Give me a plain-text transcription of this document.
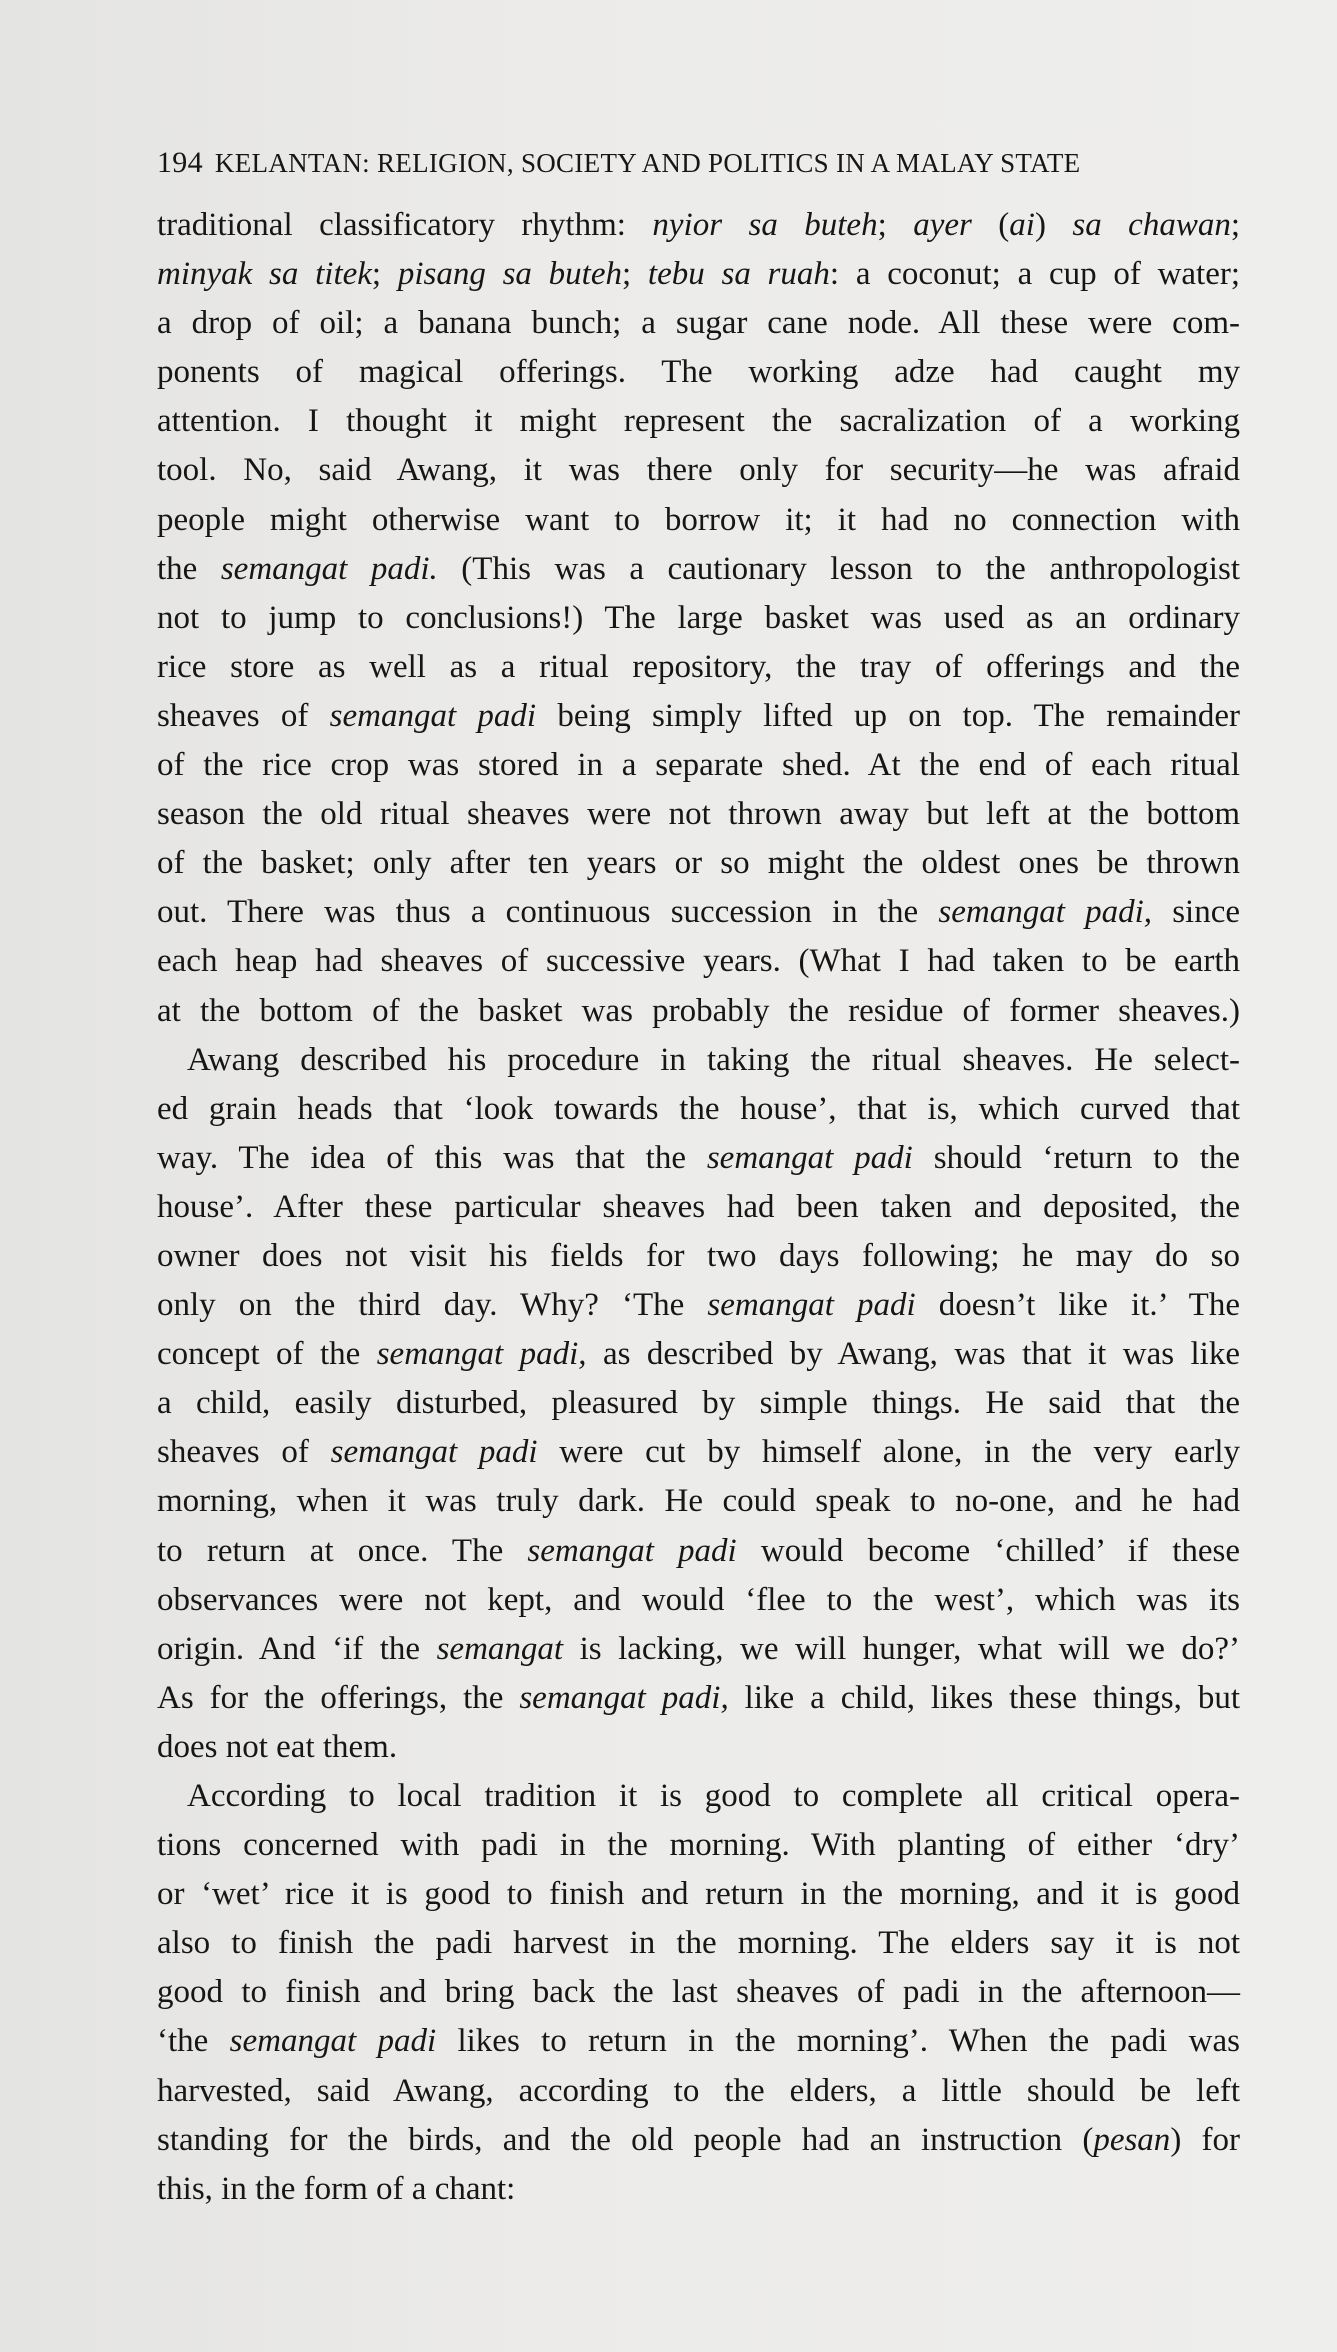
194 KELANTAN: RELIGION, SOCIETY AND POLITICS IN A MALAY STATE
traditional classificatory rhythm: nyior sa buteh; ayer (ai) sa chawan;
minyak sa titek; pisang sa buteh; tebu sa ruah: a coconut; a cup of water;
a drop of oil; a banana bunch; a sugar cane node. All these were com-
ponents of magical offerings. The working adze had caught my
attention. I thought it might represent the sacralization of a working
tool. No, said Awang, it was there only for security—he was afraid
people might otherwise want to borrow it; it had no connection with
the semangat padi. (This was a cautionary lesson to the anthropologist
not to jump to conclusions!) The large basket was used as an ordinary
rice store as well as a ritual repository, the tray of offerings and the
sheaves of semangat padi being simply lifted up on top. The remainder
of the rice crop was stored in a separate shed. At the end of each ritual
season the old ritual sheaves were not thrown away but left at the bottom
of the basket; only after ten years or so might the oldest ones be thrown
out. There was thus a continuous succession in the semangat padi, since
each heap had sheaves of successive years. (What I had taken to be earth
at the bottom of the basket was probably the residue of former sheaves.)
Awang described his procedure in taking the ritual sheaves. He select-
ed grain heads that ‘look towards the house’, that is, which curved that
way. The idea of this was that the semangat padi should ‘return to the
house’. After these particular sheaves had been taken and deposited, the
owner does not visit his fields for two days following; he may do so
only on the third day. Why? ‘The semangat padi doesn’t like it.’ The
concept of the semangat padi, as described by Awang, was that it was like
a child, easily disturbed, pleasured by simple things. He said that the
sheaves of semangat padi were cut by himself alone, in the very early
morning, when it was truly dark. He could speak to no-one, and he had
to return at once. The semangat padi would become ‘chilled’ if these
observances were not kept, and would ‘flee to the west’, which was its
origin. And ‘if the semangat is lacking, we will hunger, what will we do?’
As for the offerings, the semangat padi, like a child, likes these things, but
does not eat them.
According to local tradition it is good to complete all critical opera-
tions concerned with padi in the morning. With planting of either ‘dry’
or ‘wet’ rice it is good to finish and return in the morning, and it is good
also to finish the padi harvest in the morning. The elders say it is not
good to finish and bring back the last sheaves of padi in the afternoon—
‘the semangat padi likes to return in the morning’. When the padi was
harvested, said Awang, according to the elders, a little should be left
standing for the birds, and the old people had an instruction (pesan) for
this, in the form of a chant:
